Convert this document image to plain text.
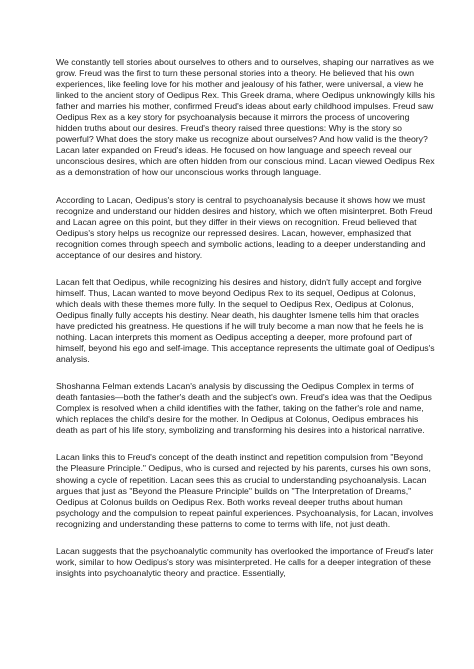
We constantly tell stories about ourselves to others and to ourselves, shaping our narratives as we grow. Freud was the first to turn these personal stories into a theory. He believed that his own experiences, like feeling love for his mother and jealousy of his father, were universal, a view he linked to the ancient story of Oedipus Rex. This Greek drama, where Oedipus unknowingly kills his father and marries his mother, confirmed Freud's ideas about early childhood impulses. Freud saw Oedipus Rex as a key story for psychoanalysis because it mirrors the process of uncovering hidden truths about our desires. Freud's theory raised three questions: Why is the story so powerful? What does the story make us recognize about ourselves? And how valid is the theory? Lacan later expanded on Freud's ideas. He focused on how language and speech reveal our unconscious desires, which are often hidden from our conscious mind. Lacan viewed Oedipus Rex as a demonstration of how our unconscious works through language.

According to Lacan, Oedipus's story is central to psychoanalysis because it shows how we must recognize and understand our hidden desires and history, which we often misinterpret. Both Freud and Lacan agree on this point, but they differ in their views on recognition. Freud believed that Oedipus's story helps us recognize our repressed desires. Lacan, however, emphasized that recognition comes through speech and symbolic actions, leading to a deeper understanding and acceptance of our desires and history.

Lacan felt that Oedipus, while recognizing his desires and history, didn't fully accept and forgive himself. Thus, Lacan wanted to move beyond Oedipus Rex to its sequel, Oedipus at Colonus, which deals with these themes more fully. In the sequel to Oedipus Rex, Oedipus at Colonus, Oedipus finally fully accepts his destiny. Near death, his daughter Ismene tells him that oracles have predicted his greatness. He questions if he will truly become a man now that he feels he is nothing. Lacan interprets this moment as Oedipus accepting a deeper, more profound part of himself, beyond his ego and self-image. This acceptance represents the ultimate goal of Oedipus's analysis.

Shoshanna Felman extends Lacan's analysis by discussing the Oedipus Complex in terms of death fantasies—both the father's death and the subject's own. Freud's idea was that the Oedipus Complex is resolved when a child identifies with the father, taking on the father's role and name, which replaces the child's desire for the mother. In Oedipus at Colonus, Oedipus embraces his death as part of his life story, symbolizing and transforming his desires into a historical narrative.

Lacan links this to Freud's concept of the death instinct and repetition compulsion from "Beyond the Pleasure Principle." Oedipus, who is cursed and rejected by his parents, curses his own sons, showing a cycle of repetition. Lacan sees this as crucial to understanding psychoanalysis. Lacan argues that just as "Beyond the Pleasure Principle" builds on "The Interpretation of Dreams," Oedipus at Colonus builds on Oedipus Rex. Both works reveal deeper truths about human psychology and the compulsion to repeat painful experiences. Psychoanalysis, for Lacan, involves recognizing and understanding these patterns to come to terms with life, not just death.

Lacan suggests that the psychoanalytic community has overlooked the importance of Freud's later work, similar to how Oedipus's story was misinterpreted. He calls for a deeper integration of these insights into psychoanalytic theory and practice. Essentially,
